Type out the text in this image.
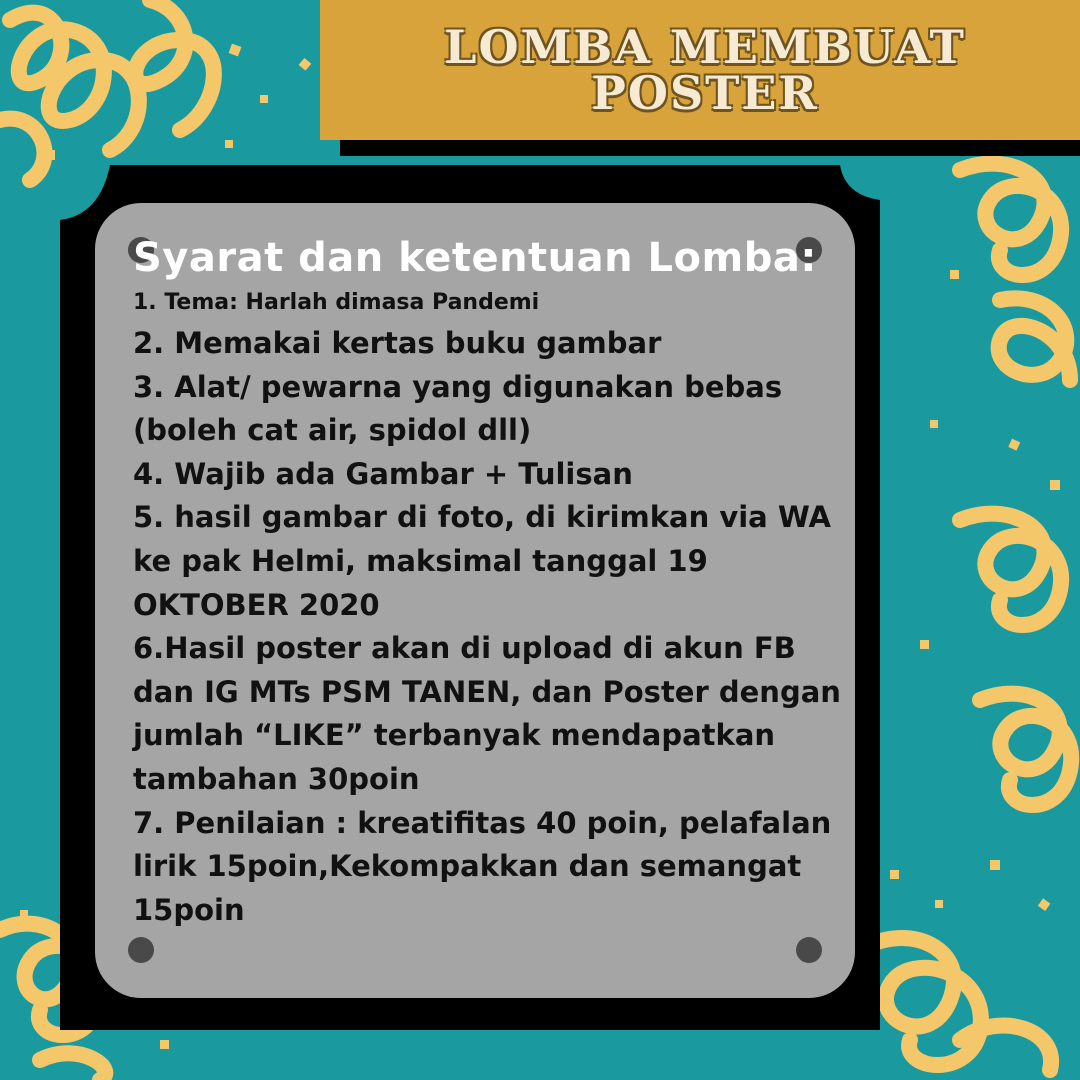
LOMBA MEMBUAT
POSTER
Syarat dan ketentuan Lomba:
1. Tema: Harlah dimasa Pandemi
2. Memakai kertas buku gambar
3. Alat/ pewarna yang digunakan bebas (boleh cat air, spidol dll)
4. Wajib ada Gambar + Tulisan
5. hasil gambar di foto, di kirimkan via WA ke pak Helmi, maksimal tanggal 19 OKTOBER 2020
6.Hasil poster akan di upload di akun FB dan IG MTs PSM TANEN, dan Poster dengan jumlah “LIKE” terbanyak mendapatkan tambahan 30poin
7. Penilaian : kreatifitas 40 poin, pelafalan lirik 15poin,Kekompakkan dan semangat 15poin
